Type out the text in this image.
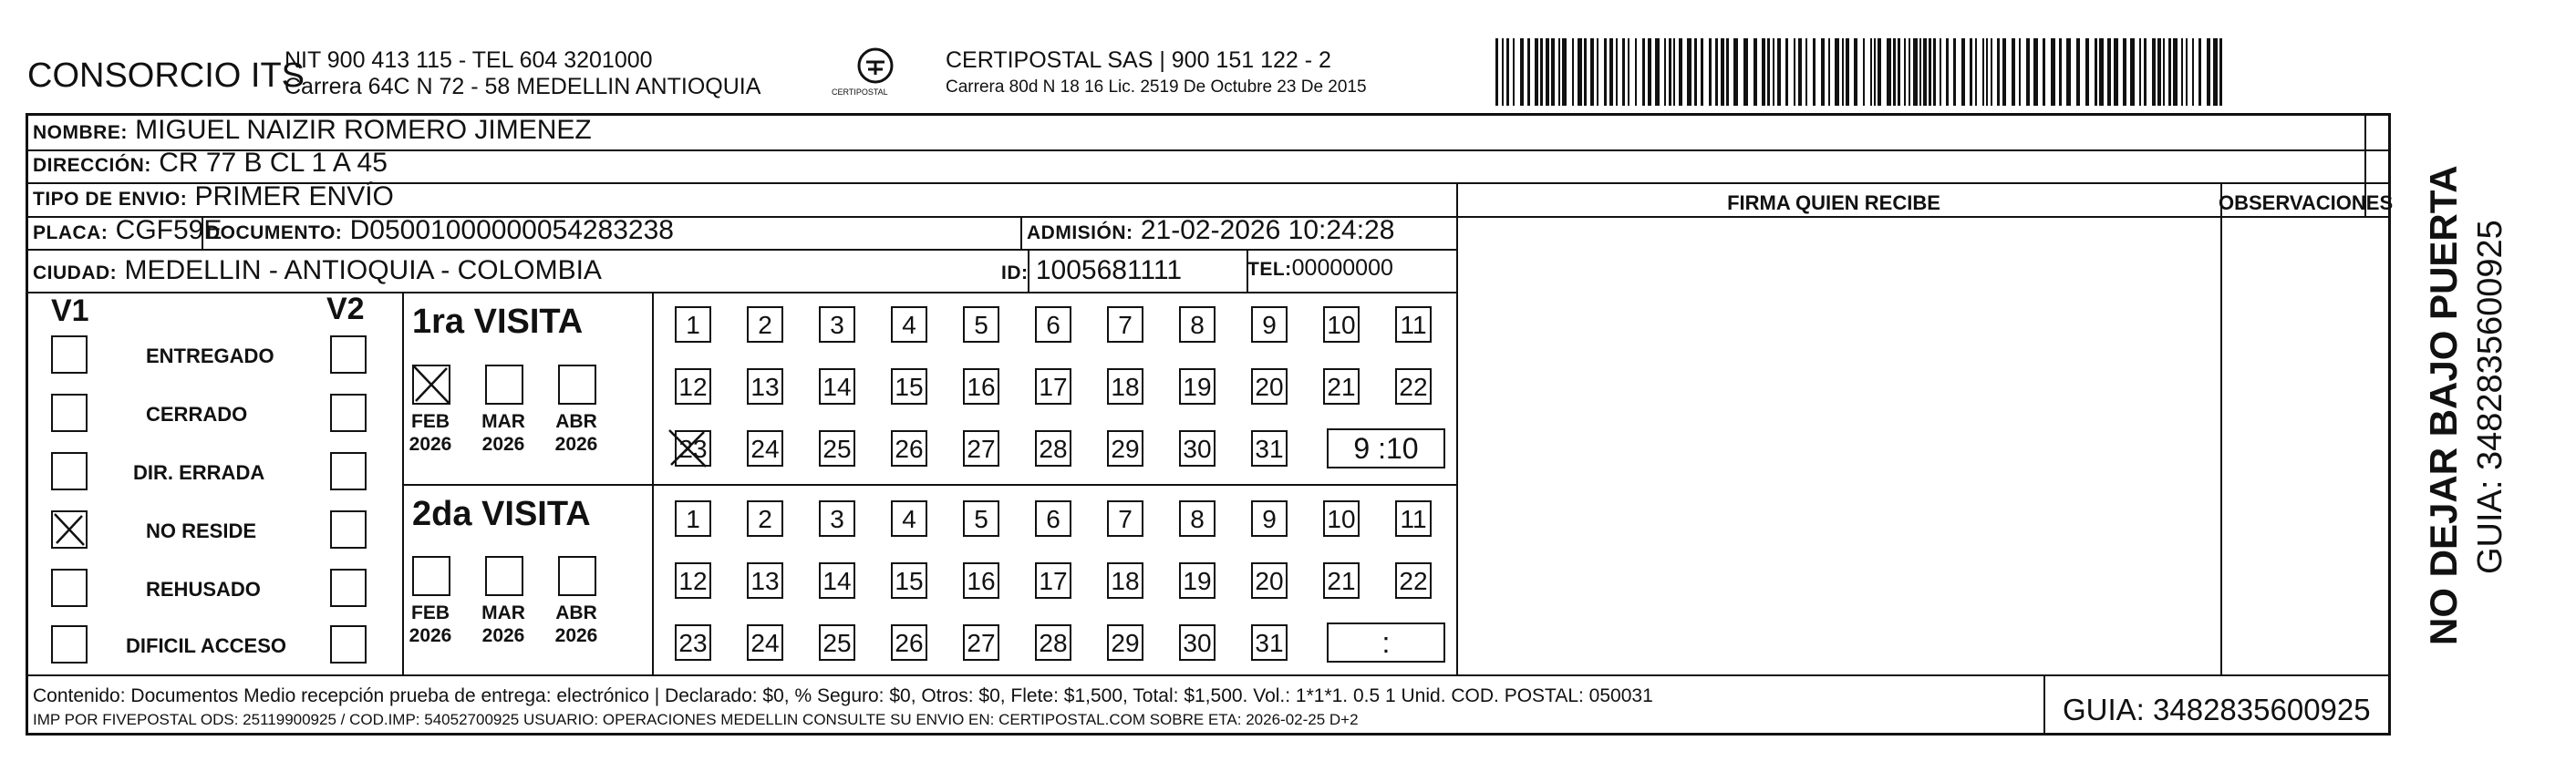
CONSORCIO ITS
NIT 900 413 115 - TEL 604 3201000
Carrera 64C N 72 - 58 MEDELLIN ANTIOQUIA	CERTIPOSTAL
CERTIPOSTAL SAS | 900 151 122 - 2
Carrera 80d N 18 16 Lic. 2519 De Octubre 23 De 2015
NOMBRE: MIGUEL NAIZIR ROMERO JIMENEZ
DIRECCIÓN: CR 77 B CL 1 A 45
TIPO DE ENVIO: PRIMER ENVÍO	FIRMA QUIEN RECIBE	OBSERVACIONES
PLACA: CGF59E
DOCUMENTO: D05001000000054283238	ADMISIÓN: 21-02-2026 10:24:28
CIUDAD: MEDELLIN - ANTIOQUIA - COLOMBIA	ID: 1005681111	TEL:00000000
V1	V2
ENTREGADO
CERRADO
DIR. ERRADA
NO RESIDE
REHUSADO
DIFICIL ACCESO
1ra VISITA
FEB
2026
MAR
2026
ABR
2026
1	2	3	4	5	6	7	8	9	10 11
12 13 14 15 16 17 18 19 20 21 22
23 24 25 26 27 28 29 30 31	9 :10
2da VISITA
FEB
2026
MAR
2026
ABR
2026
1	2	3	4	5	6	7	8	9	10 11
12 13 14 15 16 17 18 19 20 21 22
23 24 25 26 27 28 29 30 31	:
Contenido: Documentos Medio recepción prueba de entrega: electrónico | Declarado: $0, % Seguro: $0, Otros: $0, Flete: $1,500, Total: $1,500. Vol.: 1*1*1. 0.5 1 Unid. COD. POSTAL: 050031
IMP POR FIVEPOSTAL ODS: 25119900925 / COD.IMP: 54052700925 USUARIO: OPERACIONES MEDELLIN CONSULTE SU ENVIO EN: CERTIPOSTAL.COM SOBRE ETA: 2026-02-25 D+2	GUIA: 3482835600925
NO DEJAR BAJO PUERTA GUIA: 3482835600925
